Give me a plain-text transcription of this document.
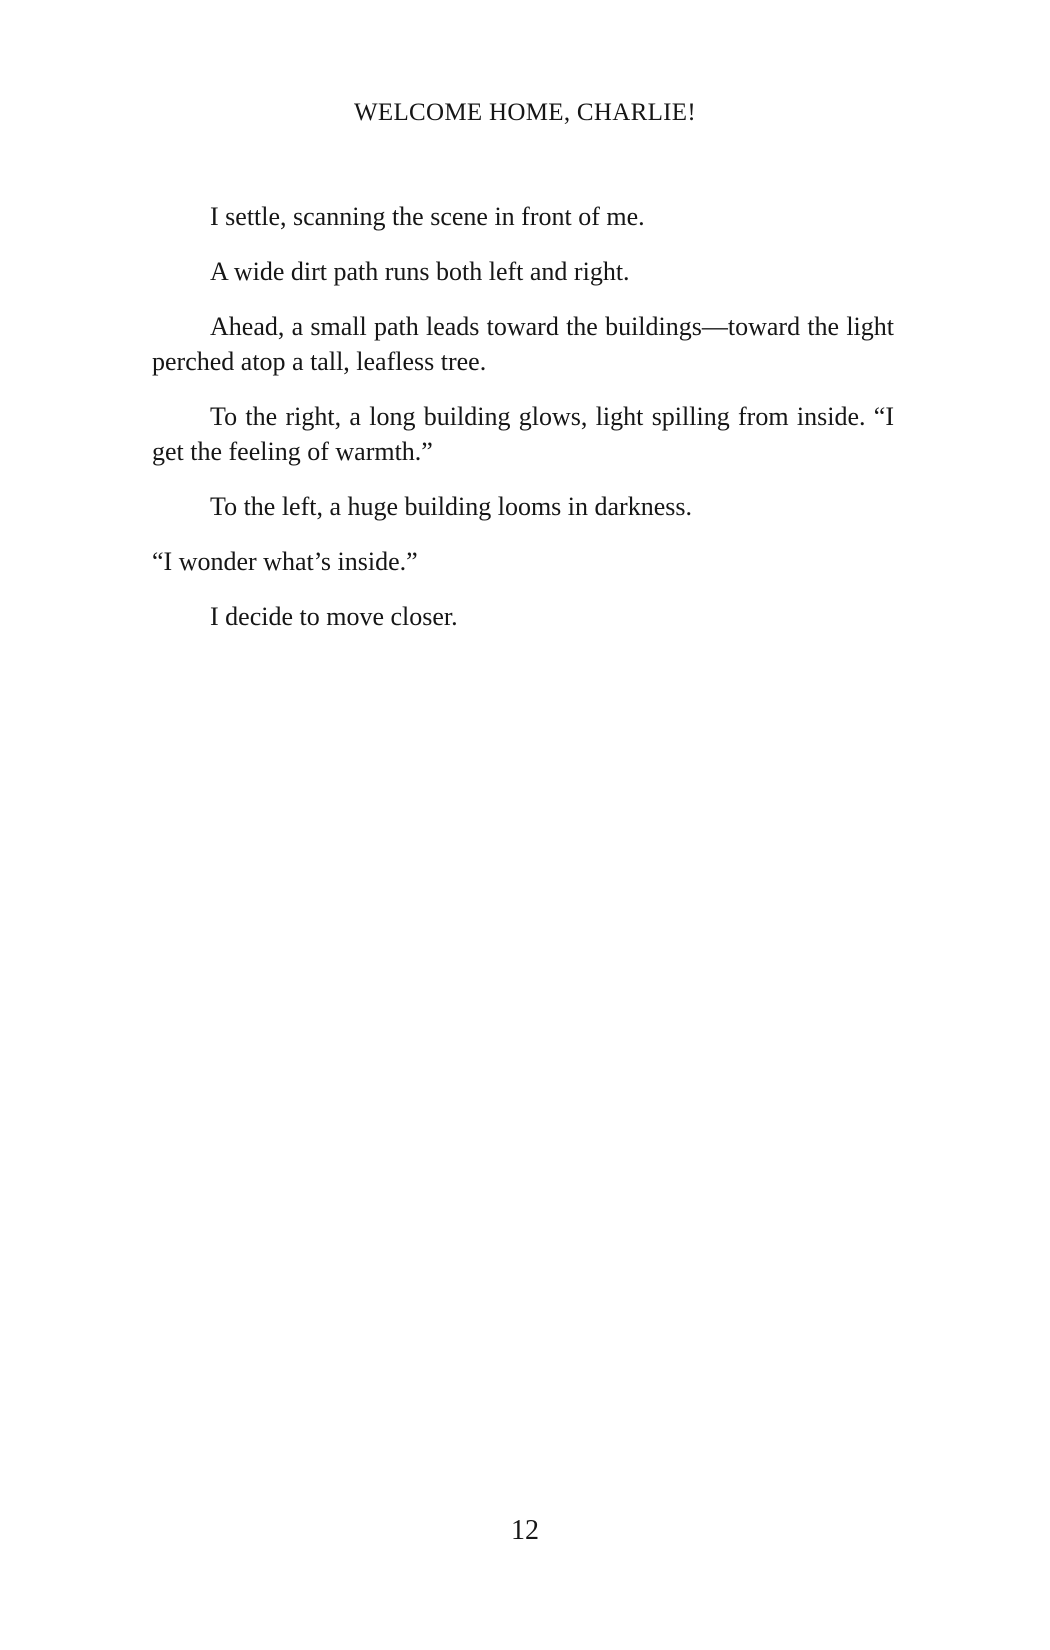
WELCOME HOME, CHARLIE!

I settle, scanning the scene in front of me.

A wide dirt path runs both left and right.

Ahead, a small path leads toward the buildings—toward the light perched atop a tall, leafless tree.

To the right, a long building glows, light spilling from inside. “I get the feeling of warmth.”

To the left, a huge building looms in darkness.

“I wonder what’s inside.”

I decide to move closer.

12
